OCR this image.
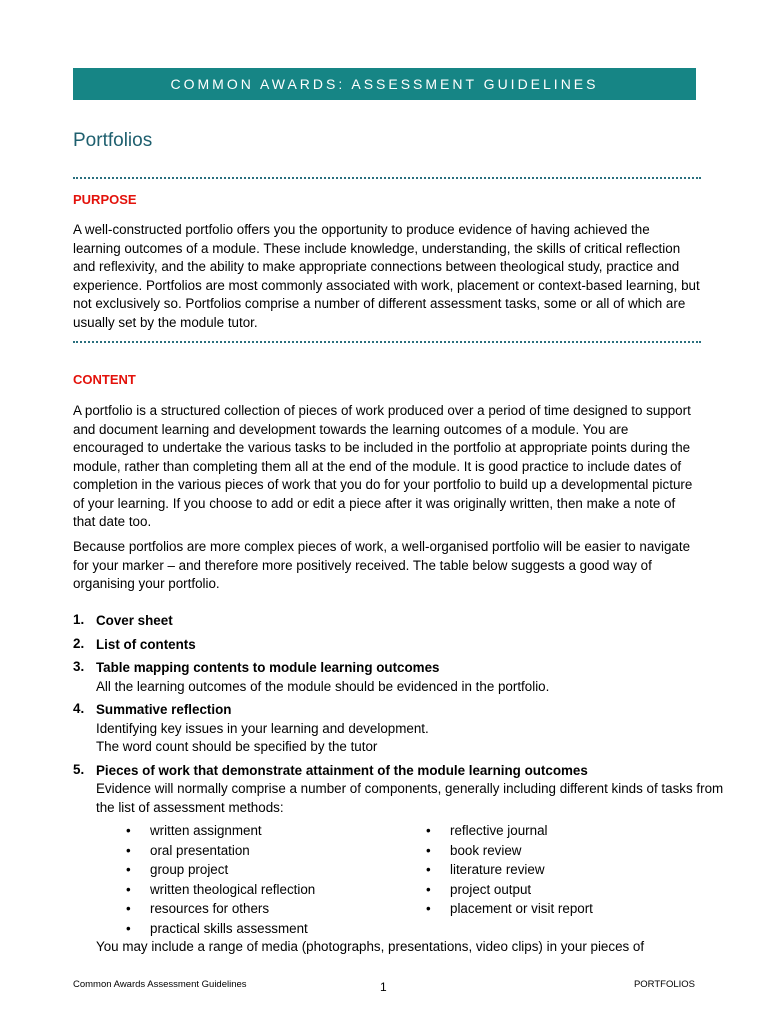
COMMON AWARDS: ASSESSMENT GUIDELINES
Portfolios
PURPOSE

A well-constructed portfolio offers you the opportunity to produce evidence of having achieved the learning outcomes of a module. These include knowledge, understanding, the skills of critical reflection and reflexivity, and the ability to make appropriate connections between theological study, practice and experience. Portfolios are most commonly associated with work, placement or context-based learning, but not exclusively so. Portfolios comprise a number of different assessment tasks, some or all of which are usually set by the module tutor.

CONTENT

A portfolio is a structured collection of pieces of work produced over a period of time designed to support and document learning and development towards the learning outcomes of a module. You are encouraged to undertake the various tasks to be included in the portfolio at appropriate points during the module, rather than completing them all at the end of the module. It is good practice to include dates of completion in the various pieces of work that you do for your portfolio to build up a developmental picture of your learning. If you choose to add or edit a piece after it was originally written, then make a note of that date too.

Because portfolios are more complex pieces of work, a well-organised portfolio will be easier to navigate for your marker – and therefore more positively received. The table below suggests a good way of organising your portfolio.

1. Cover sheet
2. List of contents
3. Table mapping contents to module learning outcomes
All the learning outcomes of the module should be evidenced in the portfolio.
4. Summative reflection
Identifying key issues in your learning and development.
The word count should be specified by the tutor
5. Pieces of work that demonstrate attainment of the module learning outcomes
Evidence will normally comprise a number of components, generally including different kinds of tasks from the list of assessment methods:
•	written assignment	•	reflective journal
•	oral presentation	•	book review
•	group project	•	literature review
•	written theological reflection	•	project output
•	resources for others	•	placement or visit report
•	practical skills assessment
You may include a range of media (photographs, presentations, video clips) in your pieces of
Common Awards Assessment Guidelines	1	PORTFOLIOS
